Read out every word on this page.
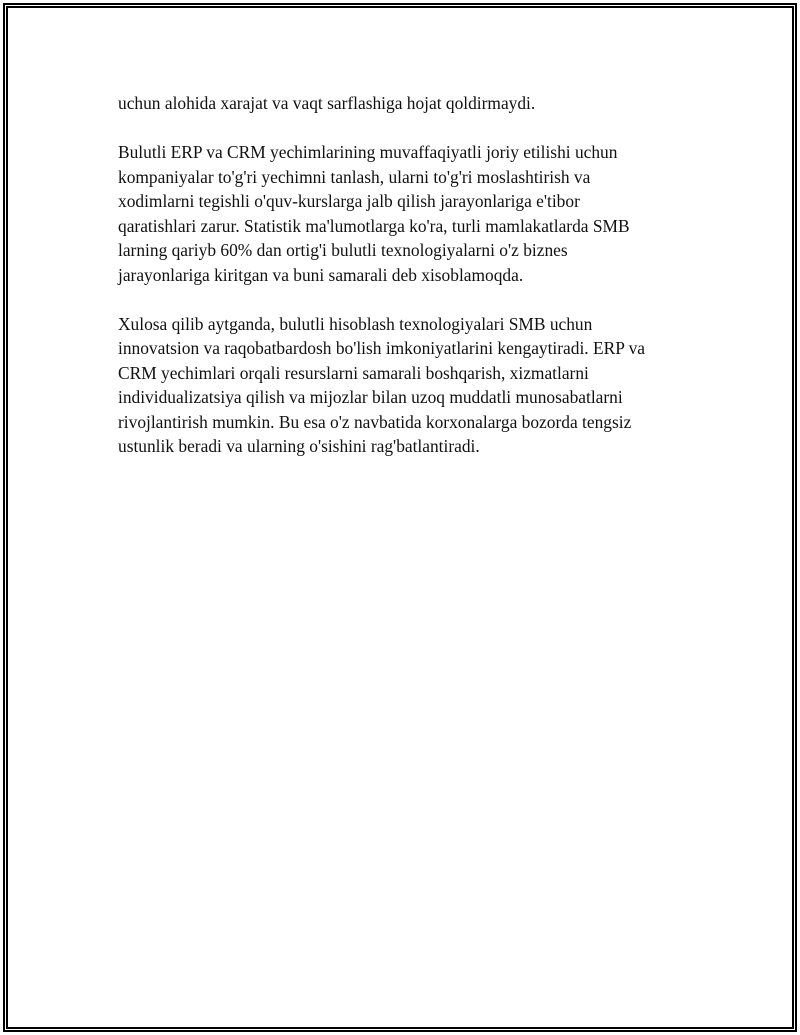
uchun alohida xarajat va vaqt sarflashiga hojat qoldirmaydi.

Bulutli ERP va CRM yechimlarining muvaffaqiyatli joriy etilishi uchun
kompaniyalar to'g'ri yechimni tanlash, ularni to'g'ri moslashtirish va
xodimlarni tegishli o'quv-kurslarga jalb qilish jarayonlariga e'tibor
qaratishlari zarur. Statistik ma'lumotlarga ko'ra, turli mamlakatlarda SMB
larning qariyb 60% dan ortig'i bulutli texnologiyalarni o'z biznes
jarayonlariga kiritgan va buni samarali deb xisoblamoqda.

Xulosa qilib aytganda, bulutli hisoblash texnologiyalari SMB uchun
innovatsion va raqobatbardosh bo'lish imkoniyatlarini kengaytiradi. ERP va
CRM yechimlari orqali resurslarni samarali boshqarish, xizmatlarni
individualizatsiya qilish va mijozlar bilan uzoq muddatli munosabatlarni
rivojlantirish mumkin. Bu esa o'z navbatida korxonalarga bozorda tengsiz
ustunlik beradi va ularning o'sishini rag'batlantiradi.
